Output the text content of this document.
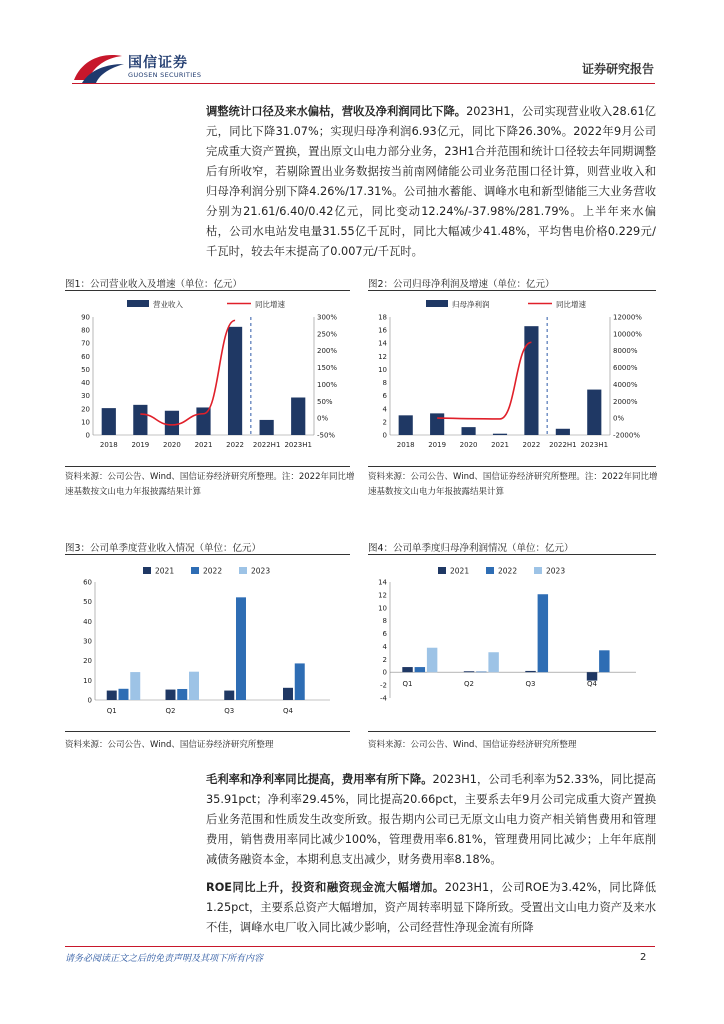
国信证券
GUOSEN SECURITIES	证券研究报告
调整统计口径及来水偏枯，营收及净利润同比下降。2023H1，公司实现营业收入28.61亿元，同比下降31.07%；实现归母净利润6.93亿元，同比下降26.30%。2022年9月公司完成重大资产置换，置出原文山电力部分业务，23H1合并范围和统计口径较去年同期调整后有所收窄，若剔除置出业务数据按当前南网储能公司业务范围口径计算，则营业收入和归母净利润分别下降4.26%/17.31%。公司抽水蓄能、调峰水电和新型储能三大业务营收分别为21.61/6.40/0.42亿元，同比变动12.24%/-37.98%/281.79%。上半年来水偏枯，公司水电站发电量31.55亿千瓦时，同比大幅减少41.48%，平均售电价格0.229元/千瓦时，较去年末提高了0.007元/千瓦时。
图1：公司营业收入及增速（单位：亿元）
营业收入	同比增速
0
10
20
30
40
50
60
70
80
90
-50%
0%
50%
100%
150%
200%
250%
300%
2018 2019 2020 2021 2022 2022H1 2023H1
资料来源：公司公告、Wind、国信证券经济研究所整理。注：2022年同比增速基数按文山电力年报披露结果计算
图2：公司归母净利润及增速（单位：亿元）
归母净利润	同比增速
0
2
4
6
8
10
12
14
16
18
-2000%
0%
2000%
4000%
6000%
8000%
10000%
12000%
2018 2019 2020 2021 2022 2022H1 2023H1
资料来源：公司公告、Wind、国信证券经济研究所整理。注：2022年同比增速基数按文山电力年报披露结果计算
图3：公司单季度营业收入情况（单位：亿元）
2021	2022	2023
0
10
20
30
40
50
60
Q1	Q2	Q3	Q4
资料来源：公司公告、Wind、国信证券经济研究所整理
图4：公司单季度归母净利润情况（单位：亿元）
2021	2022	2023
-4
-2
0
2
4
6
8
10
12
14
Q1	Q2	Q3	Q4
资料来源：公司公告、Wind、国信证券经济研究所整理
毛利率和净利率同比提高，费用率有所下降。2023H1，公司毛利率为52.33%，同比提高35.91pct；净利率29.45%，同比提高20.66pct，主要系去年9月公司完成重大资产置换后业务范围和性质发生改变所致。报告期内公司已无原文山电力资产相关销售费用和管理费用，销售费用率同比减少100%，管理费用率6.81%，管理费用同比减少；上年年底削减债务融资本金，本期利息支出减少，财务费用率8.18%。
ROE同比上升，投资和融资现金流大幅增加。2023H1，公司ROE为3.42%，同比降低1.25pct，主要系总资产大幅增加，资产周转率明显下降所致。受置出文山电力资产及来水不佳，调峰水电厂收入同比减少影响，公司经营性净现金流有所降
请务必阅读正文之后的免责声明及其项下所有内容	2
